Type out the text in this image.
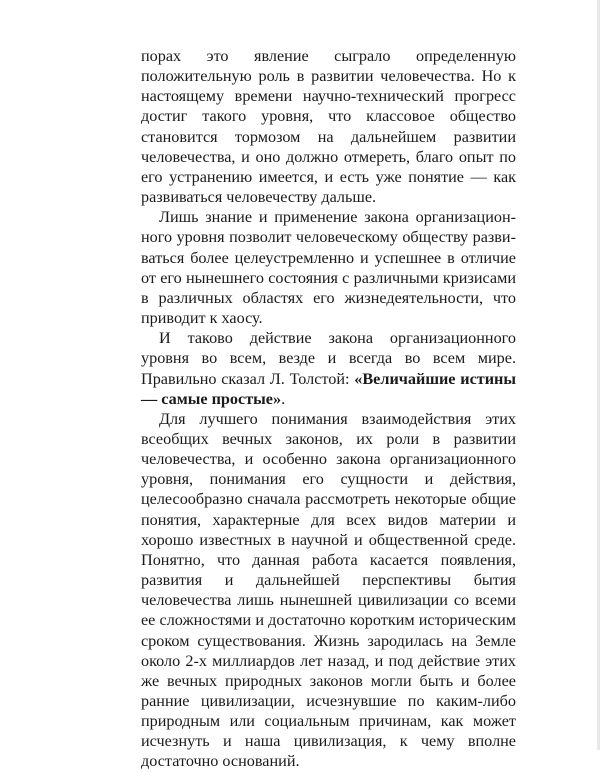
порах это явление сыграло определенную положительную роль в развитии человечества. Но к настоящему времени научно-технический прогресс достиг такого уровня, что классовое общество становится тормозом на дальнейшем развитии человечества, и оно должно отмереть, благо опыт по его устранению имеется, и есть уже понятие — как развиваться человечеству дальше.

Лишь знание и применение закона организационного уровня позволит человеческому обществу развиваться более целеустремленно и успешнее в отличие от его нынешнего состояния с различными кризисами в различных областях его жизнедеятельности, что приводит к хаосу.

И таково действие закона организационного уровня во всем, везде и всегда во всем мире. Правильно сказал Л. Толстой: «Величайшие истины — самые простые».

Для лучшего понимания взаимодействия этих всеобщих вечных законов, их роли в развитии человечества, и особенно закона организационного уровня, понимания его сущности и действия, целесообразно сначала рассмотреть некоторые общие понятия, характерные для всех видов материи и хорошо известных в научной и общественной среде. Понятно, что данная работа касается появления, развития и дальнейшей перспективы бытия человечества лишь нынешней цивилизации со всеми ее сложностями и достаточно коротким историческим сроком существования. Жизнь зародилась на Земле около 2-х миллиардов лет назад, и под действие этих же вечных природных законов могли быть и более ранние цивилизации, исчезнувшие по каким-либо природным или социальным причинам, как может исчезнуть и наша цивилизация, к чему вполне достаточно оснований.
